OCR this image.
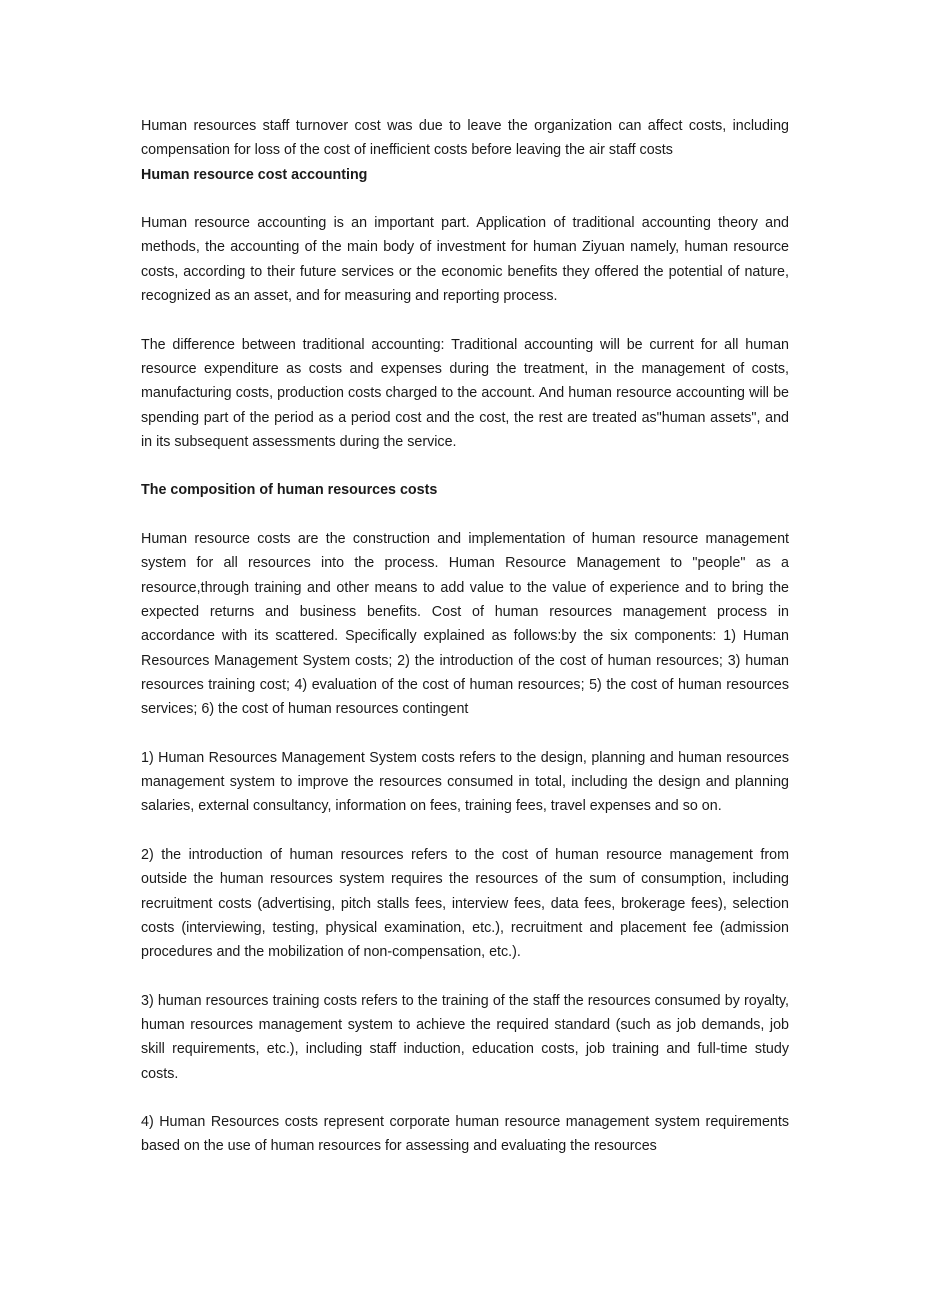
Human resources staff turnover cost was due to leave the organization can affect costs, including compensation for loss of the cost of inefficient costs before leaving the air staff costs

Human resource cost accounting

Human resource accounting is an important part. Application of traditional accounting theory and methods, the accounting of the main body of investment for human Ziyuan namely, human resource costs, according to their future services or the economic benefits they offered the potential of nature, recognized as an asset, and for measuring and reporting process.

The difference between traditional accounting: Traditional accounting will be current for all human resource expenditure as costs and expenses during the treatment, in the management of costs, manufacturing costs, production costs charged to the account. And human resource accounting will be spending part of the period as a period cost and the cost, the rest are treated as"human assets", and in its subsequent assessments during the service.

The composition of human resources costs

Human resource costs are the construction and implementation of human resource management system for all resources into the process. Human Resource Management to "people" as a resource,through training and other means to add value to the value of experience and to bring the expected returns and business benefits. Cost of human resources management process in accordance with its scattered. Specifically explained as follows:by the six components: 1) Human Resources Management System costs; 2) the introduction of the cost of human resources; 3) human resources training cost; 4) evaluation of the cost of human resources; 5) the cost of human resources services; 6) the cost of human resources contingent

1) Human Resources Management System costs refers to the design, planning and human resources management system to improve the resources consumed in total, including the design and planning salaries, external consultancy, information on fees, training fees, travel expenses and so on.

2) the introduction of human resources refers to the cost of human resource management from outside the human resources system requires the resources of the sum of consumption, including recruitment costs (advertising, pitch stalls fees, interview fees, data fees, brokerage fees), selection costs (interviewing, testing, physical examination, etc.), recruitment and placement fee (admission procedures and the mobilization of non-compensation, etc.).

3) human resources training costs refers to the training of the staff the resources consumed by royalty, human resources management system to achieve the required standard (such as job demands, job skill requirements, etc.), including staff induction, education costs, job training and full-time study costs.

4) Human Resources costs represent corporate human resource management system requirements based on the use of human resources for assessing and evaluating the resources
